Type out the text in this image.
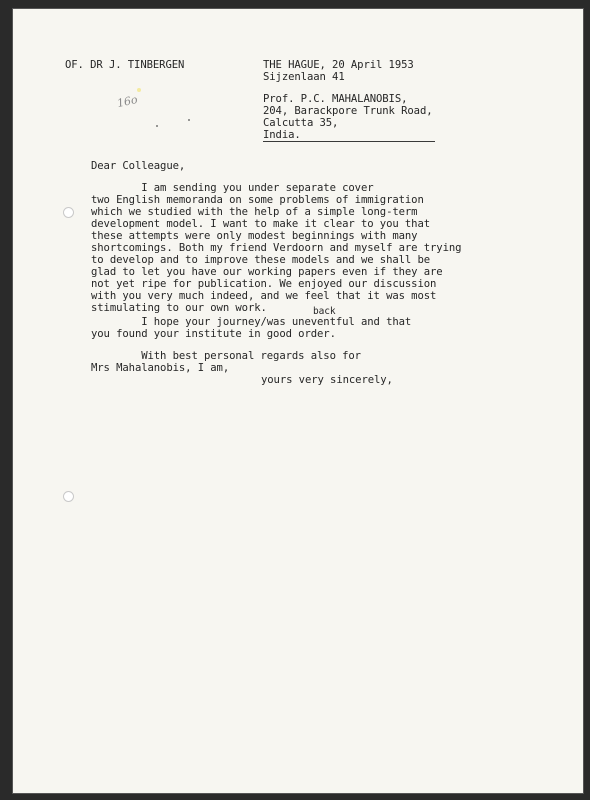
OF. DR J. TINBERGEN	THE HAGUE, 20 April 1953
Sijzenlaan 41
16o	Prof. P.C. MAHALANOBIS,
204, Barackpore Trunk Road,
Calcutta 35,
India.
Dear Colleague,
I am sending you under separate cover
two English memoranda on some problems of immigration
which we studied with the help of a simple long-term
development model. I want to make it clear to you that
these attempts were only modest beginnings with many
shortcomings. Both my friend Verdoorn and myself are trying
to develop and to improve these models and we shall be
glad to let you have our working papers even if they are
not yet ripe for publication. We enjoyed our discussion
with you very much indeed, and we feel that it was most
stimulating to our own work.	back
I hope your journey/was uneventful and that
you found your institute in good order.
With best personal regards also for
Mrs Mahalanobis, I am,
yours very sincerely,
